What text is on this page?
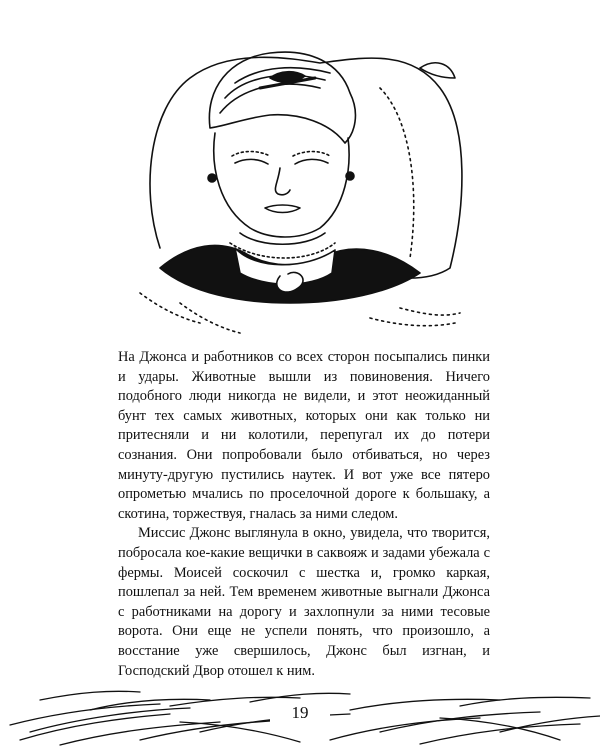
На Джонса и работников со всех сторон посыпались пинки и удары. Животные вышли из повиновения. Ничего подобного люди никогда не видели, и этот неожиданный бунт тех самых животных, которых они как только ни притесняли и ни колотили, перепугал их до потери сознания. Они попробовали было отбиваться, но через минуту-другую пустились наутек. И вот уже все пятеро опрометью мчались по проселочной дороге к большаку, а скотина, торжествуя, гналась за ними следом.

Миссис Джонс выглянула в окно, увидела, что творится, побросала кое-какие вещички в саквояж и задами убежала с фермы. Моисей соскочил с шестка и, громко каркая, пошлепал за ней. Тем временем животные выгнали Джонса с работниками на дорогу и захлопнули за ними тесовые ворота. Они еще не успели понять, что произошло, а восстание уже свершилось, Джонс был изгнан, и Господский Двор отошел к ним.

19
